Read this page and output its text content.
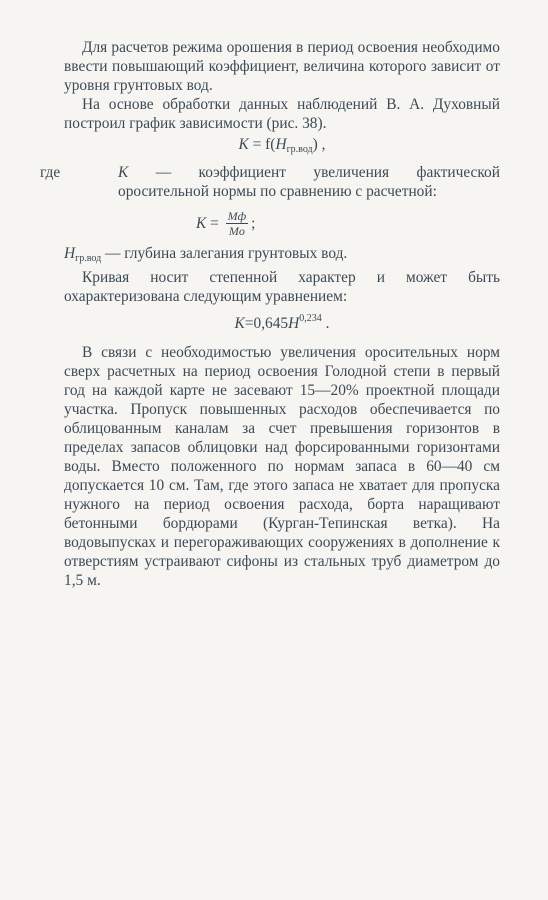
Для расчетов режима орошения в период освоения необходимо ввести повышающий коэффициент, величина которого зависит от уровня грунтовых вод.

На основе обработки данных наблюдений В. А. Духовный построил график зависимости (рис. 38).

$K = f(H_{гр.вод})$ ,
где	K — коэффициент увеличения фактической оросительной нормы по сравнению с расчетной:
$K = \frac{Mф}{Mо}$ ;

$H_{гр.вод}$ — глубина залегания грунтовых вод.

Кривая носит степенной характер и может быть охарактеризована следующим уравнением:

$K=0,645H^{0,234}$ .

В связи с необходимостью увеличения оросительных норм сверх расчетных на период освоения Голодной степи в первый год на каждой карте не засевают 15—20% проектной площади участка. Пропуск повышенных расходов обеспечивается по облицованным каналам за счет превышения горизонтов в пределах запасов облицовки над форсированными горизонтами воды. Вместо положенного по нормам запаса в 60—40 см допускается 10 см. Там, где этого запаса не хватает для пропуска нужного на период освоения расхода, борта наращивают бетонными бордюрами (Курган-Тепинская ветка). На водовыпусках и перегораживающих сооружениях в дополнение к отверстиям устраивают сифоны из стальных труб диаметром до 1,5 м.
